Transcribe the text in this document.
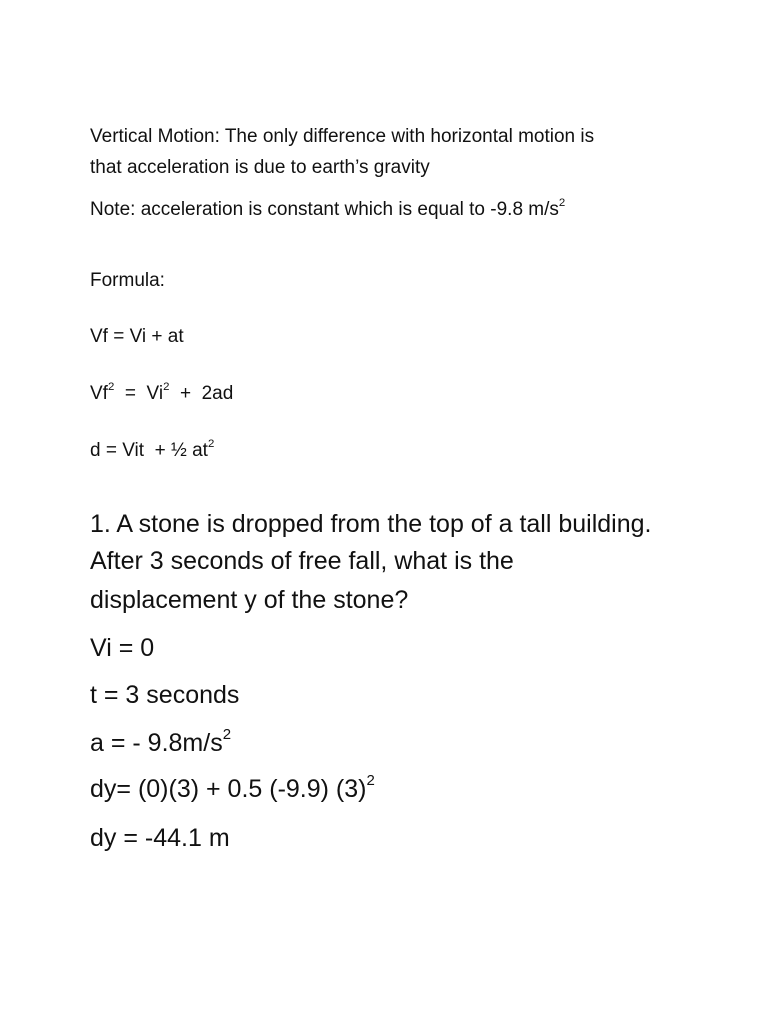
Vertical Motion: The only difference with horizontal motion is

that acceleration is due to earth’s gravity

Note: acceleration is constant which is equal to -9.8 $m/s^2$

Formula:

Vf = Vi + at

Vf$^2$  =  Vi$^2$  +  2ad

d = Vit  + ½ $at^2$

1. A stone is dropped from the top of a tall building.

After 3 seconds of free fall, what is the

displacement y of the stone?

Vi = 0

t = 3 seconds

a = - $9.8m/s^2$

dy= (0)(3) + 0.5 (-9.9) $(3)^2$

dy = -44.1 m
